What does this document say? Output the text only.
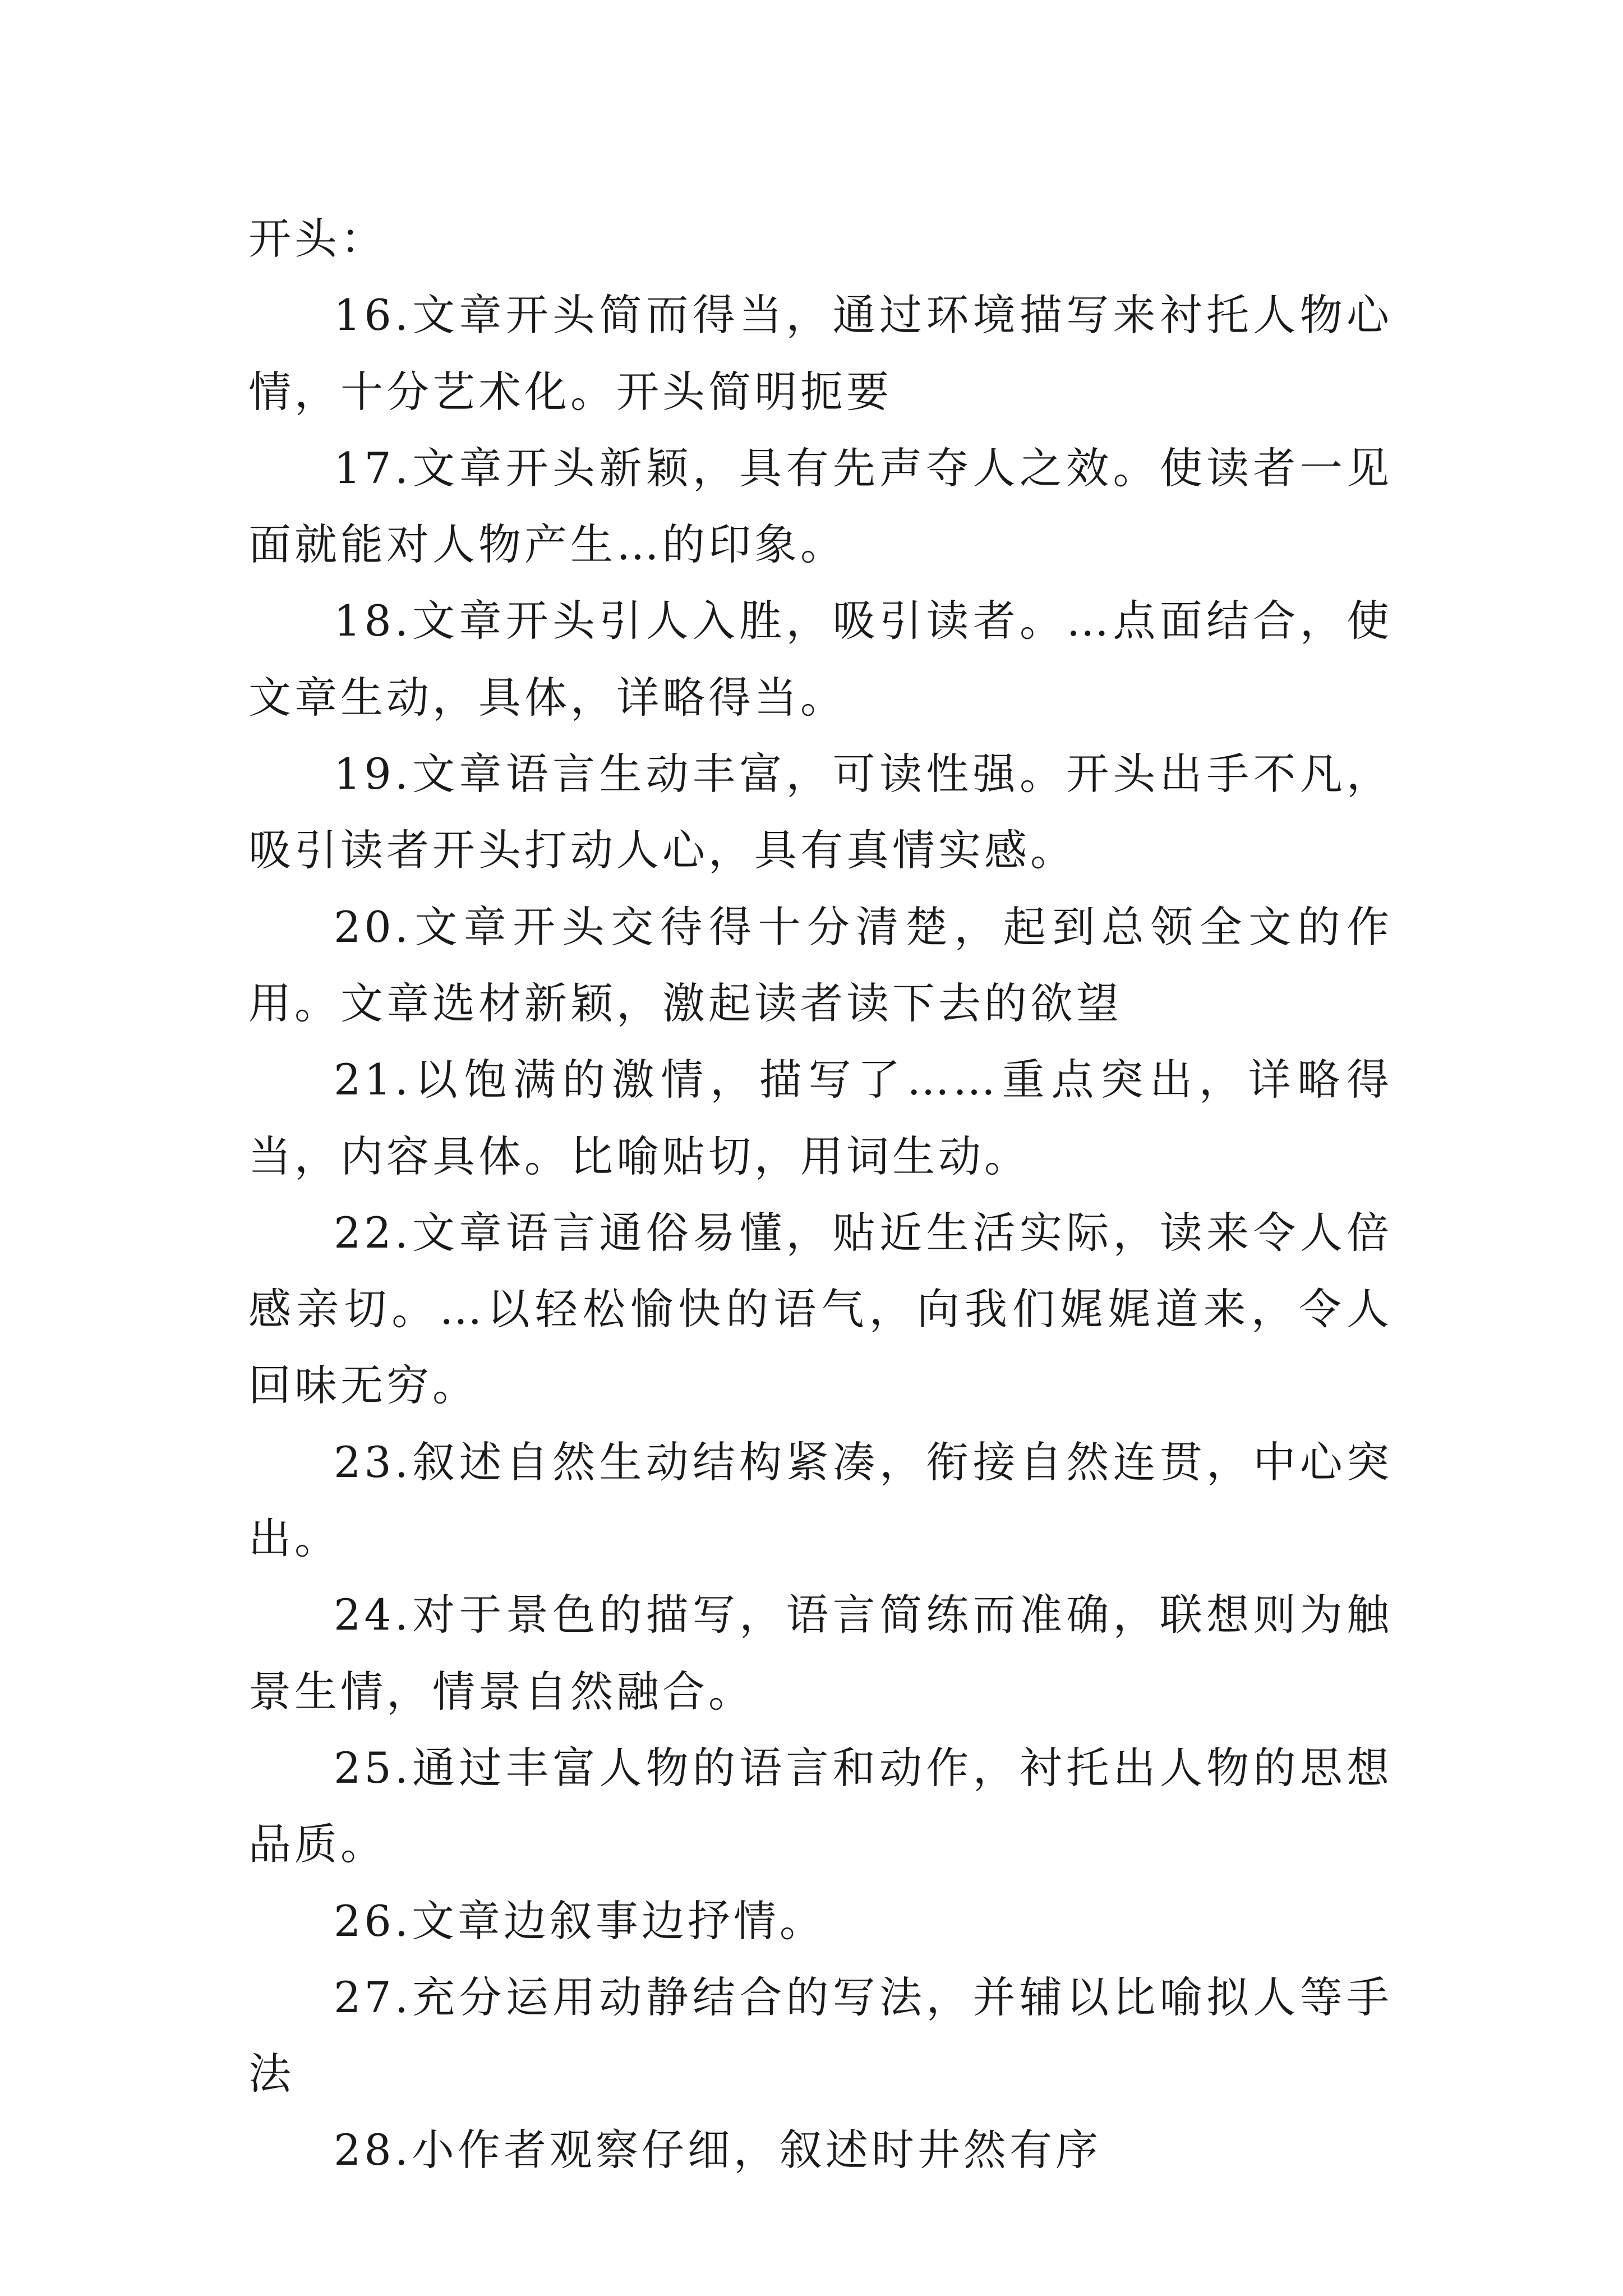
开头：

16.文章开头简而得当，通过环境描写来衬托人物心情，十分艺术化。开头简明扼要

17.文章开头新颖，具有先声夺人之效。使读者一见面就能对人物产生…的印象。

18.文章开头引人入胜，吸引读者。…点面结合，使文章生动，具体，详略得当。

19.文章语言生动丰富，可读性强。开头出手不凡，吸引读者开头打动人心，具有真情实感。

20.文章开头交待得十分清楚，起到总领全文的作用。文章选材新颖，激起读者读下去的欲望

21.以饱满的激情，描写了……重点突出，详略得当，内容具体。比喻贴切，用词生动。

22.文章语言通俗易懂，贴近生活实际，读来令人倍感亲切。…以轻松愉快的语气，向我们娓娓道来，令人回味无穷。

23.叙述自然生动结构紧凑，衔接自然连贯，中心突出。

24.对于景色的描写，语言简练而准确，联想则为触景生情，情景自然融合。

25.通过丰富人物的语言和动作，衬托出人物的思想品质。

26.文章边叙事边抒情。

27.充分运用动静结合的写法，并辅以比喻拟人等手法

28.小作者观察仔细，叙述时井然有序
